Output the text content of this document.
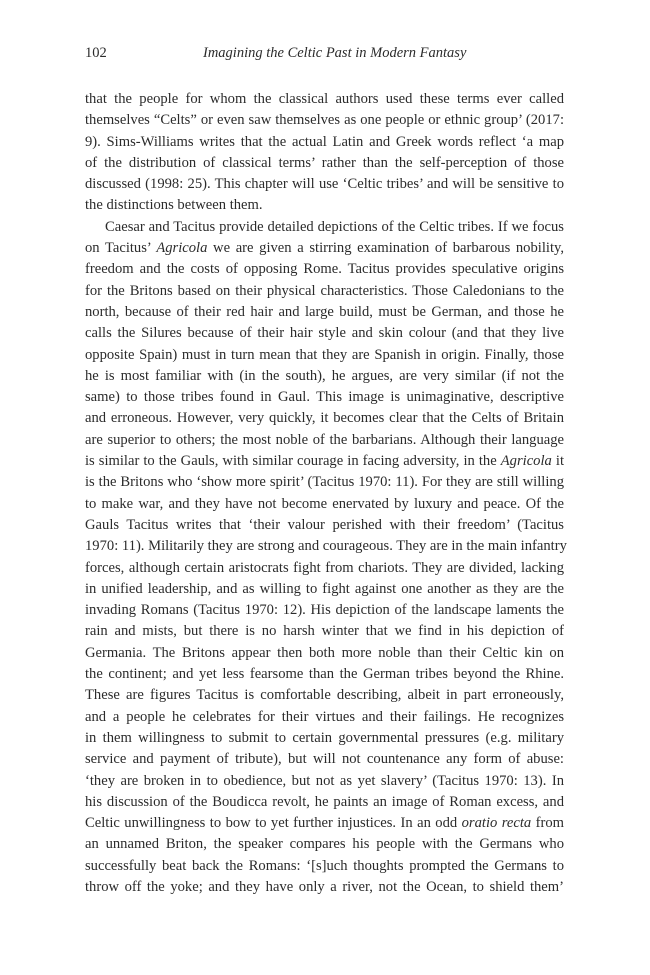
102	Imagining the Celtic Past in Modern Fantasy

that the people for whom the classical authors used these terms ever called
themselves “Celts” or even saw themselves as one people or ethnic group’ (2017:
9). Sims-Williams writes that the actual Latin and Greek words reflect ‘a map
of the distribution of classical terms’ rather than the self-perception of those
discussed (1998: 25). This chapter will use ‘Celtic tribes’ and will be sensitive to
the distinctions between them.

Caesar and Tacitus provide detailed depictions of the Celtic tribes. If we focus
on Tacitus’ Agricola we are given a stirring examination of barbarous nobility,
freedom and the costs of opposing Rome. Tacitus provides speculative origins
for the Britons based on their physical characteristics. Those Caledonians to the
north, because of their red hair and large build, must be German, and those he
calls the Silures because of their hair style and skin colour (and that they live
opposite Spain) must in turn mean that they are Spanish in origin. Finally, those
he is most familiar with (in the south), he argues, are very similar (if not the
same) to those tribes found in Gaul. This image is unimaginative, descriptive
and erroneous. However, very quickly, it becomes clear that the Celts of Britain
are superior to others; the most noble of the barbarians. Although their language
is similar to the Gauls, with similar courage in facing adversity, in the Agricola it
is the Britons who ‘show more spirit’ (Tacitus 1970: 11). For they are still willing
to make war, and they have not become enervated by luxury and peace. Of the
Gauls Tacitus writes that ‘their valour perished with their freedom’ (Tacitus
1970: 11). Militarily they are strong and courageous. They are in the main infantry
forces, although certain aristocrats fight from chariots. They are divided, lacking
in unified leadership, and as willing to fight against one another as they are the
invading Romans (Tacitus 1970: 12). His depiction of the landscape laments the
rain and mists, but there is no harsh winter that we find in his depiction of
Germania. The Britons appear then both more noble than their Celtic kin on
the continent; and yet less fearsome than the German tribes beyond the Rhine.
These are figures Tacitus is comfortable describing, albeit in part erroneously,
and a people he celebrates for their virtues and their failings. He recognizes
in them willingness to submit to certain governmental pressures (e.g. military
service and payment of tribute), but will not countenance any form of abuse:
‘they are broken in to obedience, but not as yet slavery’ (Tacitus 1970: 13). In
his discussion of the Boudicca revolt, he paints an image of Roman excess, and
Celtic unwillingness to bow to yet further injustices. In an odd oratio recta from
an unnamed Briton, the speaker compares his people with the Germans who
successfully beat back the Romans: ‘[s]uch thoughts prompted the Germans to
throw off the yoke; and they have only a river, not the Ocean, to shield them’
